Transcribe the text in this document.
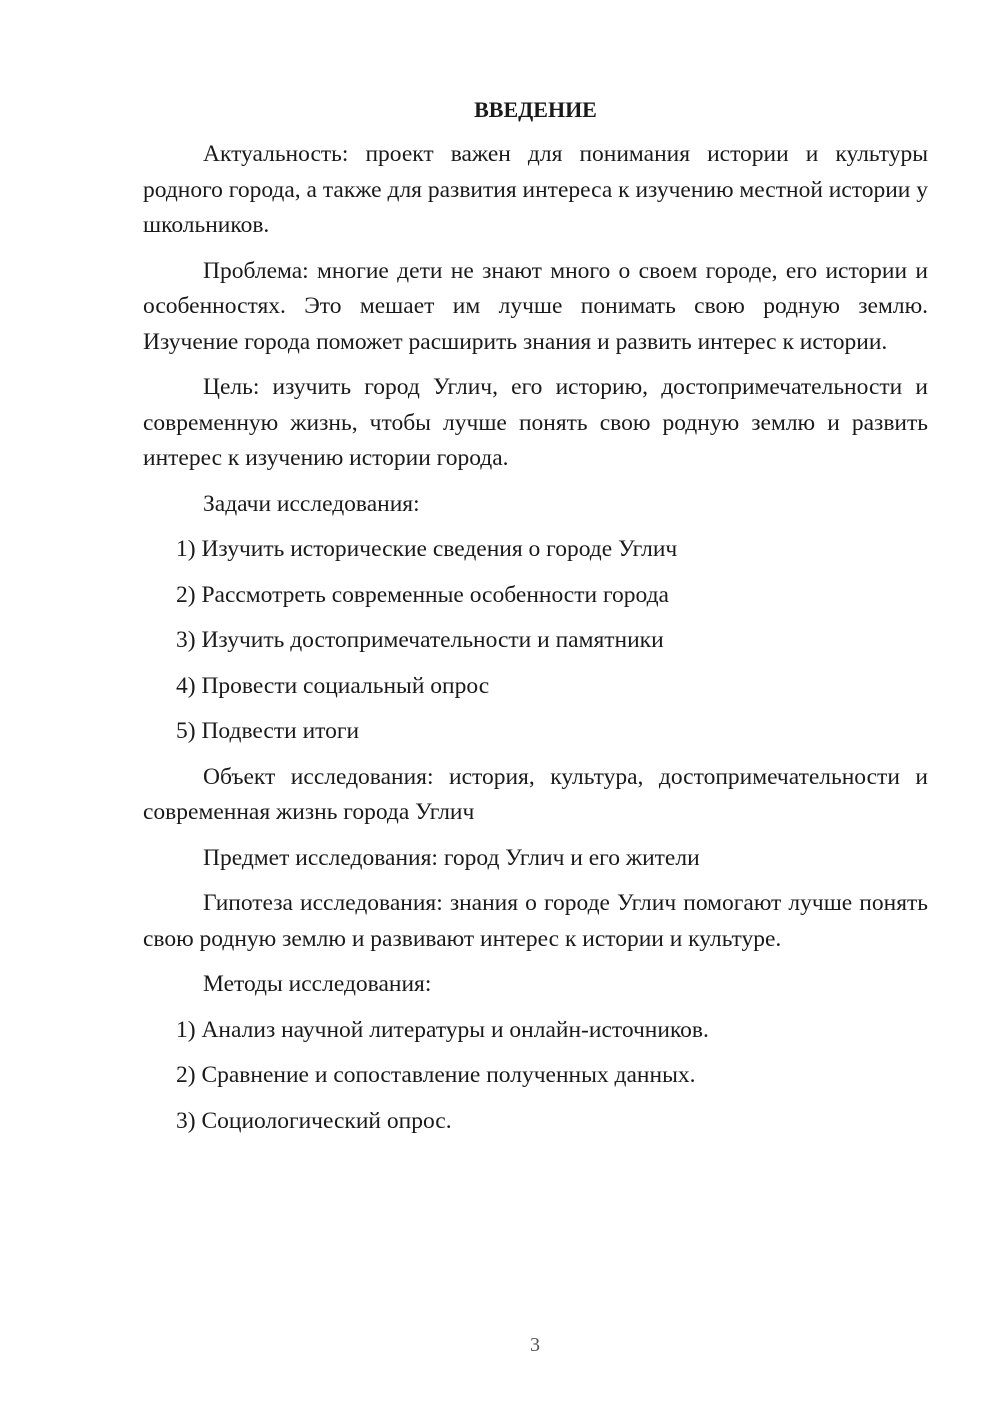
ВВЕДЕНИЕ

Актуальность: проект важен для понимания истории и культуры родного города, а также для развития интереса к изучению местной истории у школьников.

Проблема: многие дети не знают много о своем городе, его истории и особенностях. Это мешает им лучше понимать свою родную землю. Изучение города поможет расширить знания и развить интерес к истории.

Цель: изучить город Углич, его историю, достопримечательности и современную жизнь, чтобы лучше понять свою родную землю и развить интерес к изучению истории города.

Задачи исследования:

1) Изучить исторические сведения о городе Углич
2) Рассмотреть современные особенности города
3) Изучить достопримечательности и памятники
4) Провести социальный опрос
5) Подвести итоги

Объект исследования: история, культура, достопримечательности и современная жизнь города Углич

Предмет исследования: город Углич и его жители

Гипотеза исследования: знания о городе Углич помогают лучше понять свою родную землю и развивают интерес к истории и культуре.

Методы исследования:

1) Анализ научной литературы и онлайн-источников.
2) Сравнение и сопоставление полученных данных.
3) Социологический опрос.
3
